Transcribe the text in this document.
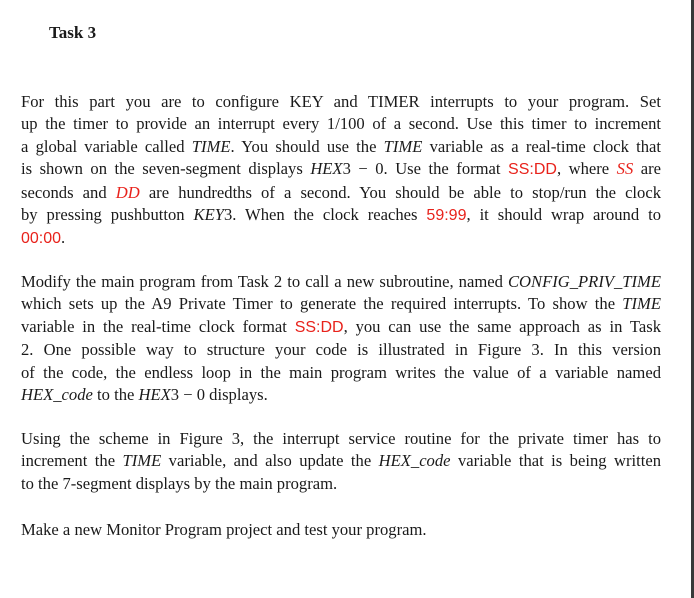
Task 3
For this part you are to configure KEY and TIMER interrupts to your program. Set
up the timer to provide an interrupt every 1/100 of a second. Use this timer to increment
a global variable called TIME. You should use the TIME variable as a real-time clock that
is shown on the seven-segment displays HEX3 − 0. Use the format SS:DD, where SS are
seconds and DD are hundredths of a second. You should be able to stop/run the clock
by pressing pushbutton KEY3. When the clock reaches 59:99, it should wrap around to
00:00.
Modify the main program from Task 2 to call a new subroutine, named CONFIG_PRIV_TIME
which sets up the A9 Private Timer to generate the required interrupts. To show the TIME
variable in the real-time clock format SS:DD, you can use the same approach as in Task
2. One possible way to structure your code is illustrated in Figure 3. In this version
of the code, the endless loop in the main program writes the value of a variable named
HEX_code to the HEX3 − 0 displays.
Using the scheme in Figure 3, the interrupt service routine for the private timer has to
increment the TIME variable, and also update the HEX_code variable that is being written
to the 7-segment displays by the main program.
Make a new Monitor Program project and test your program.
